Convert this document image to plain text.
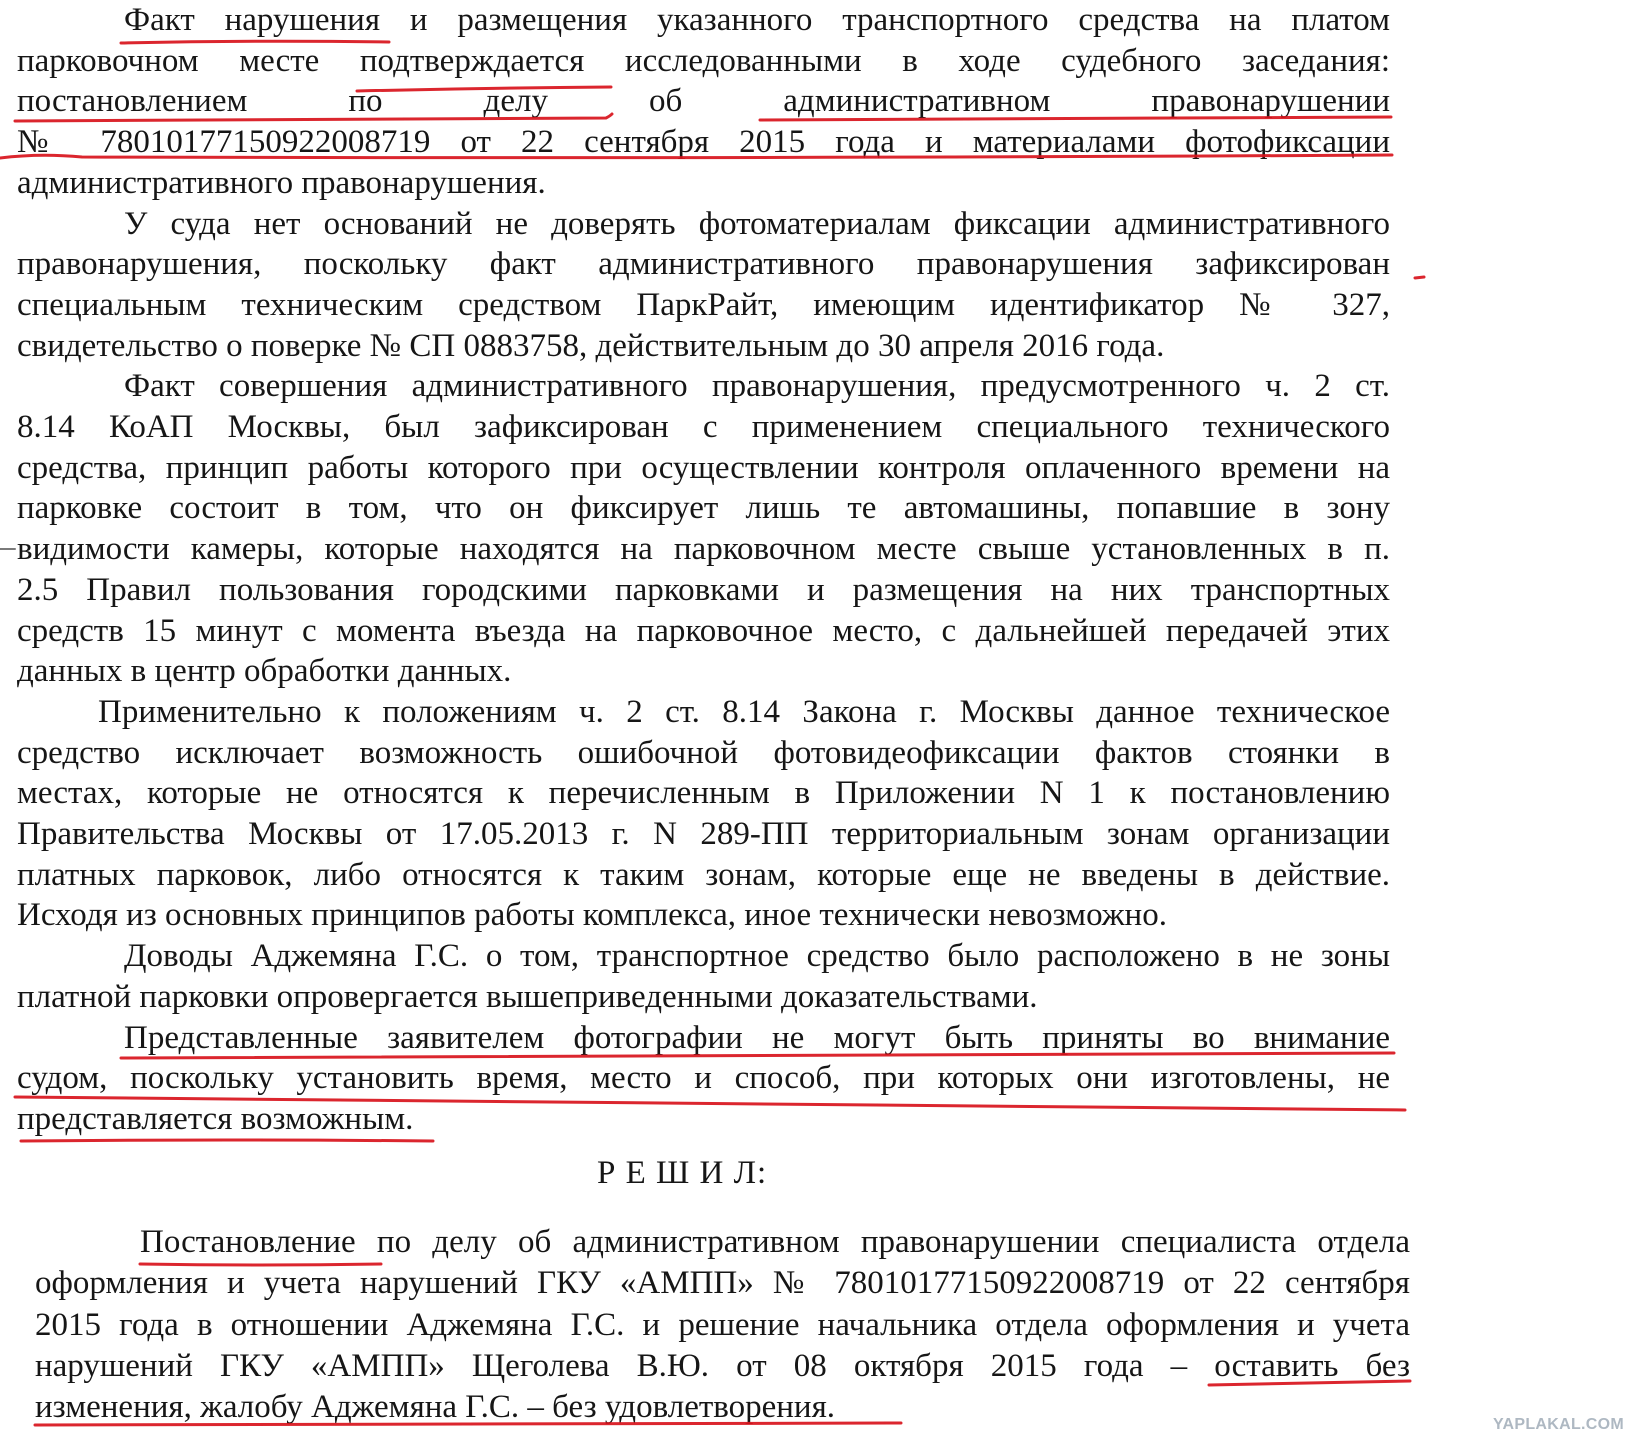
Факт нарушения и размещения указанного транспортного средства на платом
парковочном месте подтверждается исследованными в ходе судебного заседания:
постановлением по делу об административном правонарушении
№ 78010177150922008719 от 22 сентября 2015 года и материалами фотофиксации
административного правонарушения.
У суда нет оснований не доверять фотоматериалам фиксации административного
правонарушения, поскольку факт административного правонарушения зафиксирован
специальным техническим средством ПаркРайт, имеющим идентификатор № 327,
свидетельство о поверке № СП 0883758, действительным до 30 апреля 2016 года.
Факт совершения административного правонарушения, предусмотренного ч. 2 ст.
8.14 КоАП Москвы, был зафиксирован с применением специального технического
средства, принцип работы которого при осуществлении контроля оплаченного времени на
парковке состоит в том, что он фиксирует лишь те автомашины, попавшие в зону
видимости камеры, которые находятся на парковочном месте свыше установленных в п.
2.5 Правил пользования городскими парковками и размещения на них транспортных
средств 15 минут с момента въезда на парковочное место, с дальнейшей передачей этих
данных в центр обработки данных.
Применительно к положениям ч. 2 ст. 8.14 Закона г. Москвы данное техническое
средство исключает возможность ошибочной фотовидеофиксации фактов стоянки в
местах, которые не относятся к перечисленным в Приложении N 1 к постановлению
Правительства Москвы от 17.05.2013 г. N 289-ПП территориальным зонам организации
платных парковок, либо относятся к таким зонам, которые еще не введены в действие.
Исходя из основных принципов работы комплекса, иное технически невозможно.
Доводы Аджемяна Г.С. о том, транспортное средство было расположено в не зоны
платной парковки опровергается вышеприведенными доказательствами.
Представленные заявителем фотографии не могут быть приняты во внимание
судом, поскольку установить время, место и способ, при которых они изготовлены, не
представляется возможным.
Р Е Ш И Л:
Постановление по делу об административном правонарушении специалиста отдела
оформления и учета нарушений ГКУ «АМПП» № 78010177150922008719 от 22 сентября
2015 года в отношении Аджемяна Г.С. и решение начальника отдела оформления и учета
нарушений ГКУ «АМПП» Щеголева В.Ю. от 08 октября 2015 года – оставить без
изменения, жалобу Аджемяна Г.С. – без удовлетворения.	YAPLAKAL.COM
